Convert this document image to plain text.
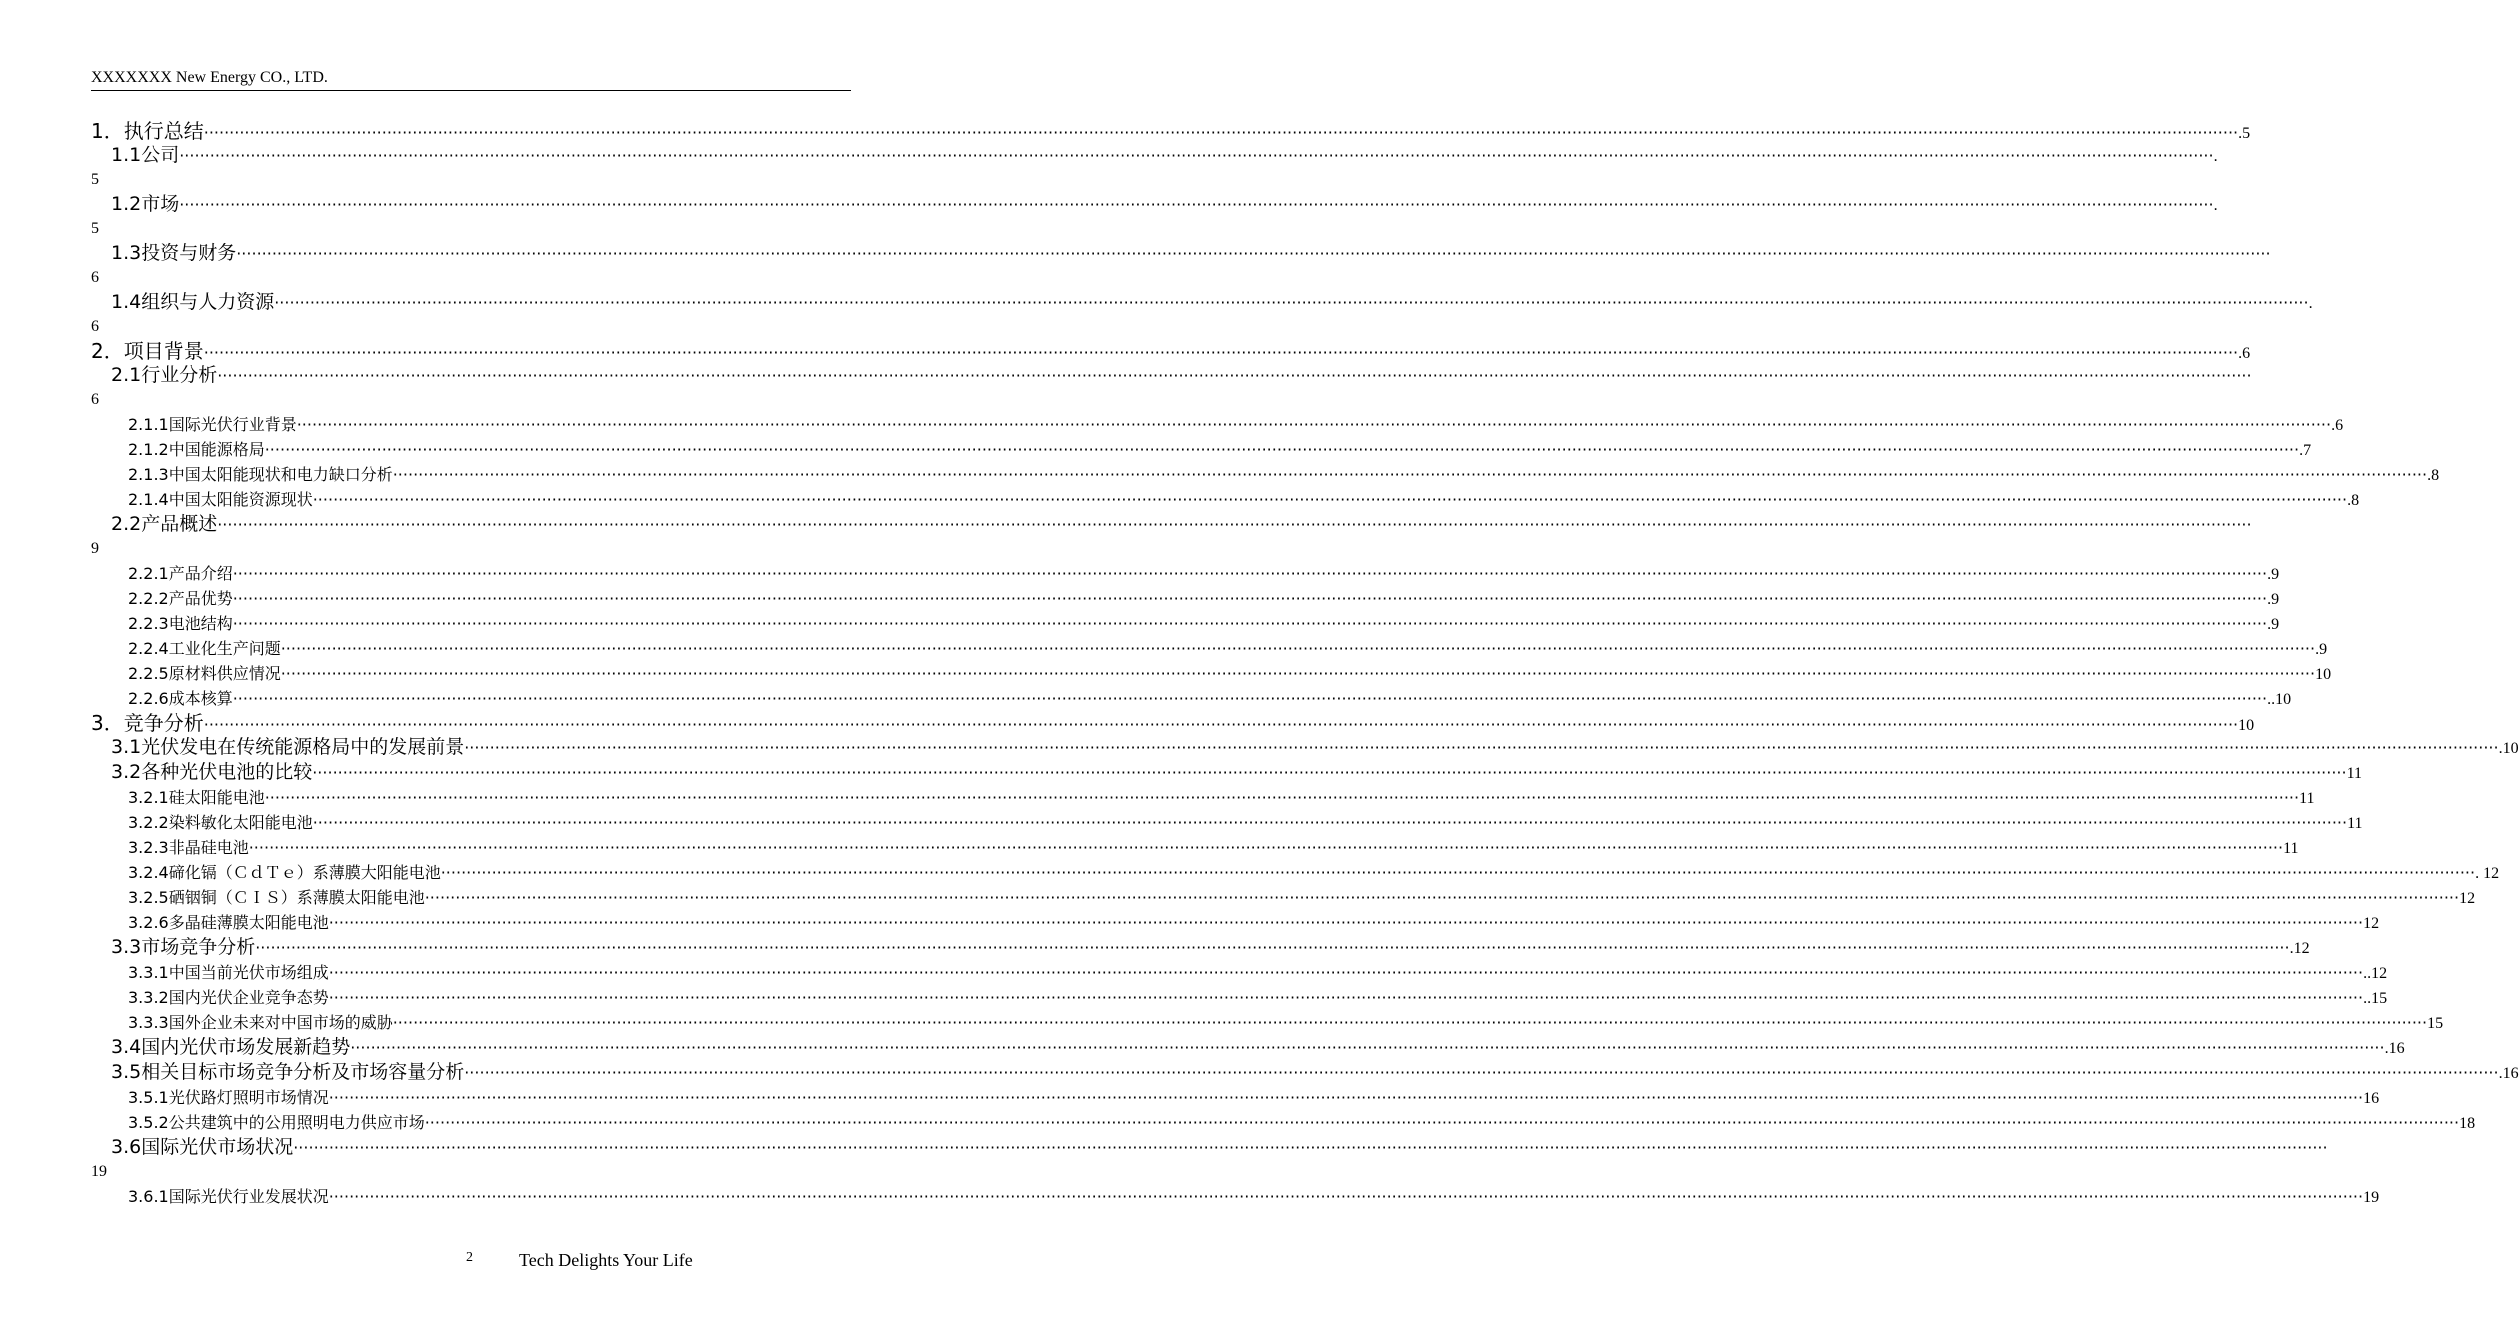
XXXXXXX New Energy CO., LTD.
1．执行总结 ················································································································································································································································································································································································································ .5
1.1公司 ················································································································································································································································································································································································································ .
5
1.2市场 ················································································································································································································································································································································································································ .
5
1.3投资与财务 ················································································································································································································································································································································································································
6
1.4组织与人力资源 ················································································································································································································································································································································································································ .
6
2．项目背景 ················································································································································································································································································································································································································ .6
2.1行业分析 ················································································································································································································································································································································································································
6
2.1.1国际光伏行业背景 ················································································································································································································································································································································································································ .6
2.1.2中国能源格局 ················································································································································································································································································································································································································ .7
2.1.3中国太阳能现状和电力缺口分析 ················································································································································································································································································································································································································ .8
2.1.4中国太阳能资源现状 ················································································································································································································································································································································································································ .8
2.2产品概述 ················································································································································································································································································································································································································
9
2.2.1产品介绍 ················································································································································································································································································································································································································ .9
2.2.2产品优势 ················································································································································································································································································································································································································ .9
2.2.3电池结构 ················································································································································································································································································································································································································ .9
2.2.4工业化生产问题 ················································································································································································································································································································································································································ .9
2.2.5原材料供应情况 ················································································································································································································································································································································································································ 10
2.2.6成本核算 ················································································································································································································································································································································································································ ..10
3．竞争分析 ················································································································································································································································································································································································································ 10
3.1光伏发电在传统能源格局中的发展前景 ················································································································································································································································································································································································································ .10
3.2各种光伏电池的比较 ················································································································································································································································································································································································································ 11
3.2.1硅太阳能电池 ················································································································································································································································································································································································································ 11
3.2.2染料敏化太阳能电池 ················································································································································································································································································································································································································ 11
3.2.3非晶硅电池 ················································································································································································································································································································································································································ 11
3.2.4碲化镉（ＣｄＴｅ）系薄膜大阳能电池 ················································································································································································································································································································································································································ . 12
3.2.5硒铟铜（ＣＩＳ）系薄膜太阳能电池 ················································································································································································································································································································································································································ 12
3.2.6多晶硅薄膜太阳能电池 ················································································································································································································································································································································································································ 12
3.3市场竞争分析 ················································································································································································································································································································································································································ .12
3.3.1中国当前光伏市场组成 ················································································································································································································································································································································································································ ..12
3.3.2国内光伏企业竞争态势 ················································································································································································································································································································································································································ ..15
3.3.3国外企业未来对中国市场的威胁 ················································································································································································································································································································································································································ 15
3.4国内光伏市场发展新趋势 ················································································································································································································································································································································································································ .16
3.5相关目标市场竞争分析及市场容量分析 ················································································································································································································································································································································································································ .16
3.5.1光伏路灯照明市场情况 ················································································································································································································································································································································································································ 16
3.5.2公共建筑中的公用照明电力供应市场 ················································································································································································································································································································································································································ 18
3.6国际光伏市场状况 ················································································································································································································································································································································································································
19
3.6.1国际光伏行业发展状况 ················································································································································································································································································································································································································ 19
2	Tech Delights Your Life
